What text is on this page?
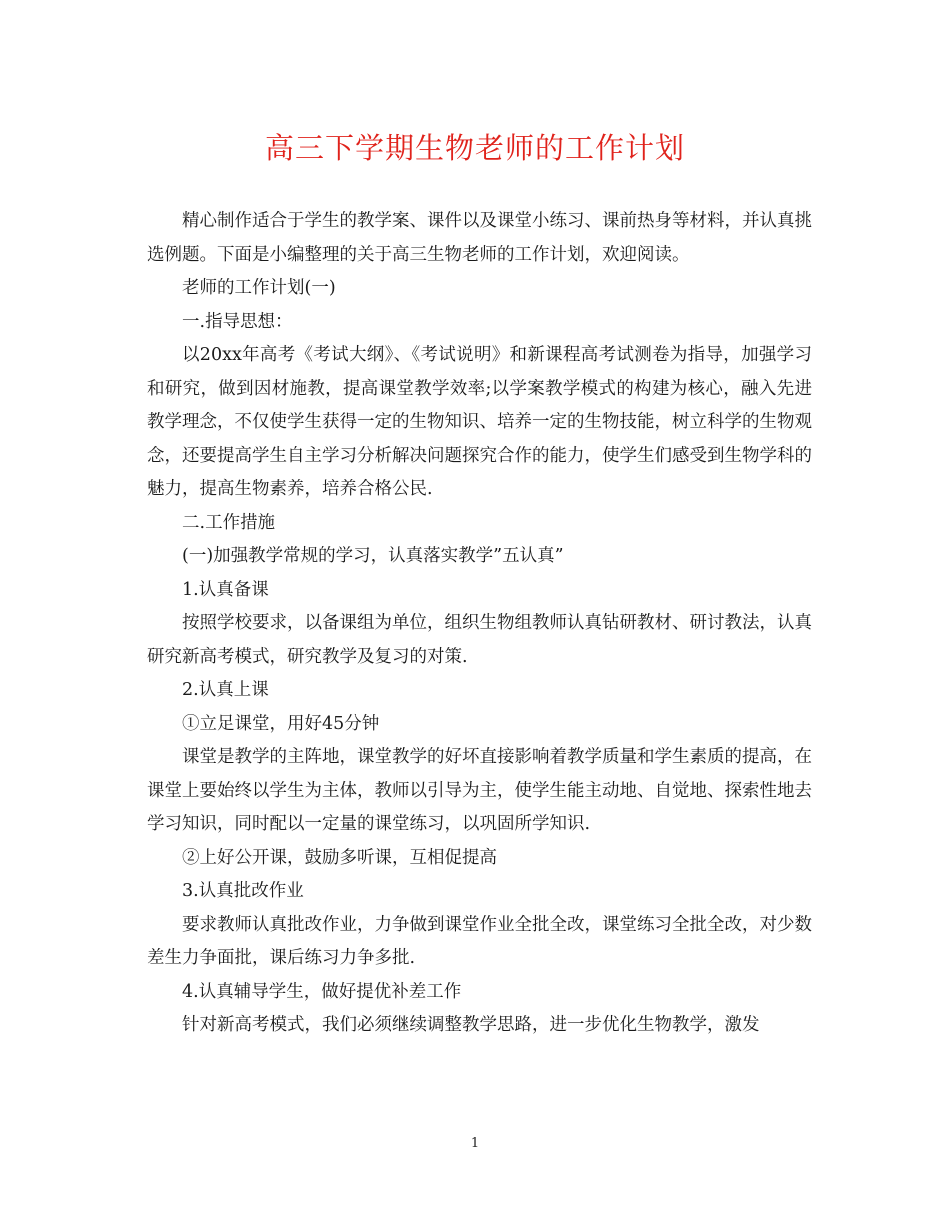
高三下学期生物老师的工作计划

精心制作适合于学生的教学案、课件以及课堂小练习、课前热身等材料，并认真挑选例题。下面是小编整理的关于高三生物老师的工作计划，欢迎阅读。

老师的工作计划(一)

一.指导思想：

以20xx年高考《考试大纲》、《考试说明》和新课程高考试测卷为指导，加强学习和研究，做到因材施教，提高课堂教学效率;以学案教学模式的构建为核心，融入先进教学理念，不仅使学生获得一定的生物知识、培养一定的生物技能，树立科学的生物观念，还要提高学生自主学习分析解决问题探究合作的能力，使学生们感受到生物学科的魅力，提高生物素养，培养合格公民.

二.工作措施

(一)加强教学常规的学习，认真落实教学”五认真”

1.认真备课

按照学校要求，以备课组为单位，组织生物组教师认真钻研教材、研讨教法，认真研究新高考模式，研究教学及复习的对策.

2.认真上课

①立足课堂，用好45分钟

课堂是教学的主阵地，课堂教学的好坏直接影响着教学质量和学生素质的提高，在课堂上要始终以学生为主体，教师以引导为主，使学生能主动地、自觉地、探索性地去学习知识，同时配以一定量的课堂练习，以巩固所学知识.

②上好公开课，鼓励多听课，互相促提高

3.认真批改作业

要求教师认真批改作业，力争做到课堂作业全批全改，课堂练习全批全改，对少数差生力争面批，课后练习力争多批.

4.认真辅导学生，做好提优补差工作

针对新高考模式，我们必须继续调整教学思路，进一步优化生物教学，激发

1
